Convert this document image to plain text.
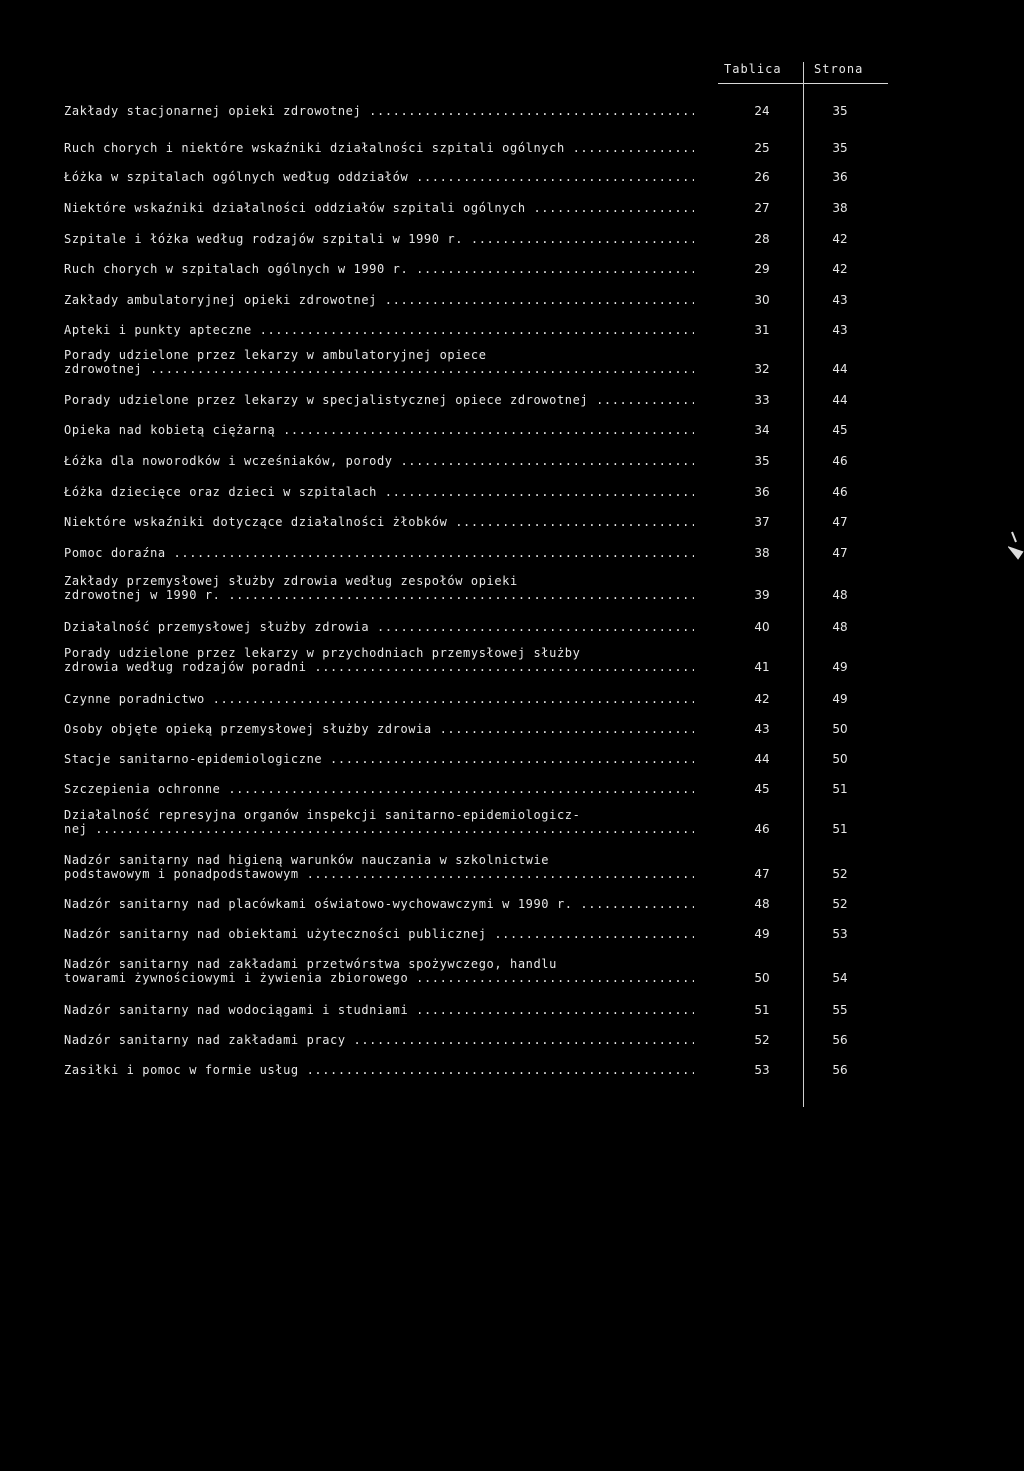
Tablica	Strona
Zakłady stacjonarnej opieki zdrowotnej .....	24	35
Ruch chorych i niektóre wskaźniki działalności szpitali ogólnych .....	25	35
Łóżka w szpitalach ogólnych według oddziałów .....	26	36
Niektóre wskaźniki działalności oddziałów szpitali ogólnych .....	27	38
Szpitale i łóżka według rodzajów szpitali w 1990 r. .....	28	42
Ruch chorych w szpitalach ogólnych w 1990 r. .....	29	42
Zakłady ambulatoryjnej opieki zdrowotnej .....	30	43
Apteki i punkty apteczne .....	31	43
Porady udzielone przez lekarzy w ambulatoryjnej opiece
zdrowotnej .....	32	44
Porady udzielone przez lekarzy w specjalistycznej opiece zdrowotnej .....	33	44
Opieka nad kobietą ciężarną .....	34	45
Łóżka dla noworodków i wcześniaków, porody .....	35	46
Łóżka dziecięce oraz dzieci w szpitalach .....	36	46
Niektóre wskaźniki dotyczące działalności żłobków .....	37	47
Pomoc doraźna .....	38	47
Zakłady przemysłowej służby zdrowia według zespołów opieki
zdrowotnej w 1990 r. .....	39	48
Działalność przemysłowej służby zdrowia .....	40	48
Porady udzielone przez lekarzy w przychodniach przemysłowej służby
zdrowia według rodzajów poradni .....	41	49
Czynne poradnictwo .....	42	49
Osoby objęte opieką przemysłowej służby zdrowia .....	43	50
Stacje sanitarno-epidemiologiczne .....	44	50
Szczepienia ochronne .....	45	51
Działalność represyjna organów inspekcji sanitarno-epidemiologicz-
nej .....	46	51
Nadzór sanitarny nad higieną warunków nauczania w szkolnictwie
podstawowym i ponadpodstawowym .....	47	52
Nadzór sanitarny nad placówkami oświatowo-wychowawczymi w 1990 r. .....	48	52
Nadzór sanitarny nad obiektami użyteczności publicznej .....	49	53
Nadzór sanitarny nad zakładami przetwórstwa spożywczego, handlu
towarami żywnościowymi i żywienia zbiorowego .....	50	54
Nadzór sanitarny nad wodociągami i studniami .....	51	55
Nadzór sanitarny nad zakładami pracy .....	52	56
Zasiłki i pomoc w formie usług .....	53	56
